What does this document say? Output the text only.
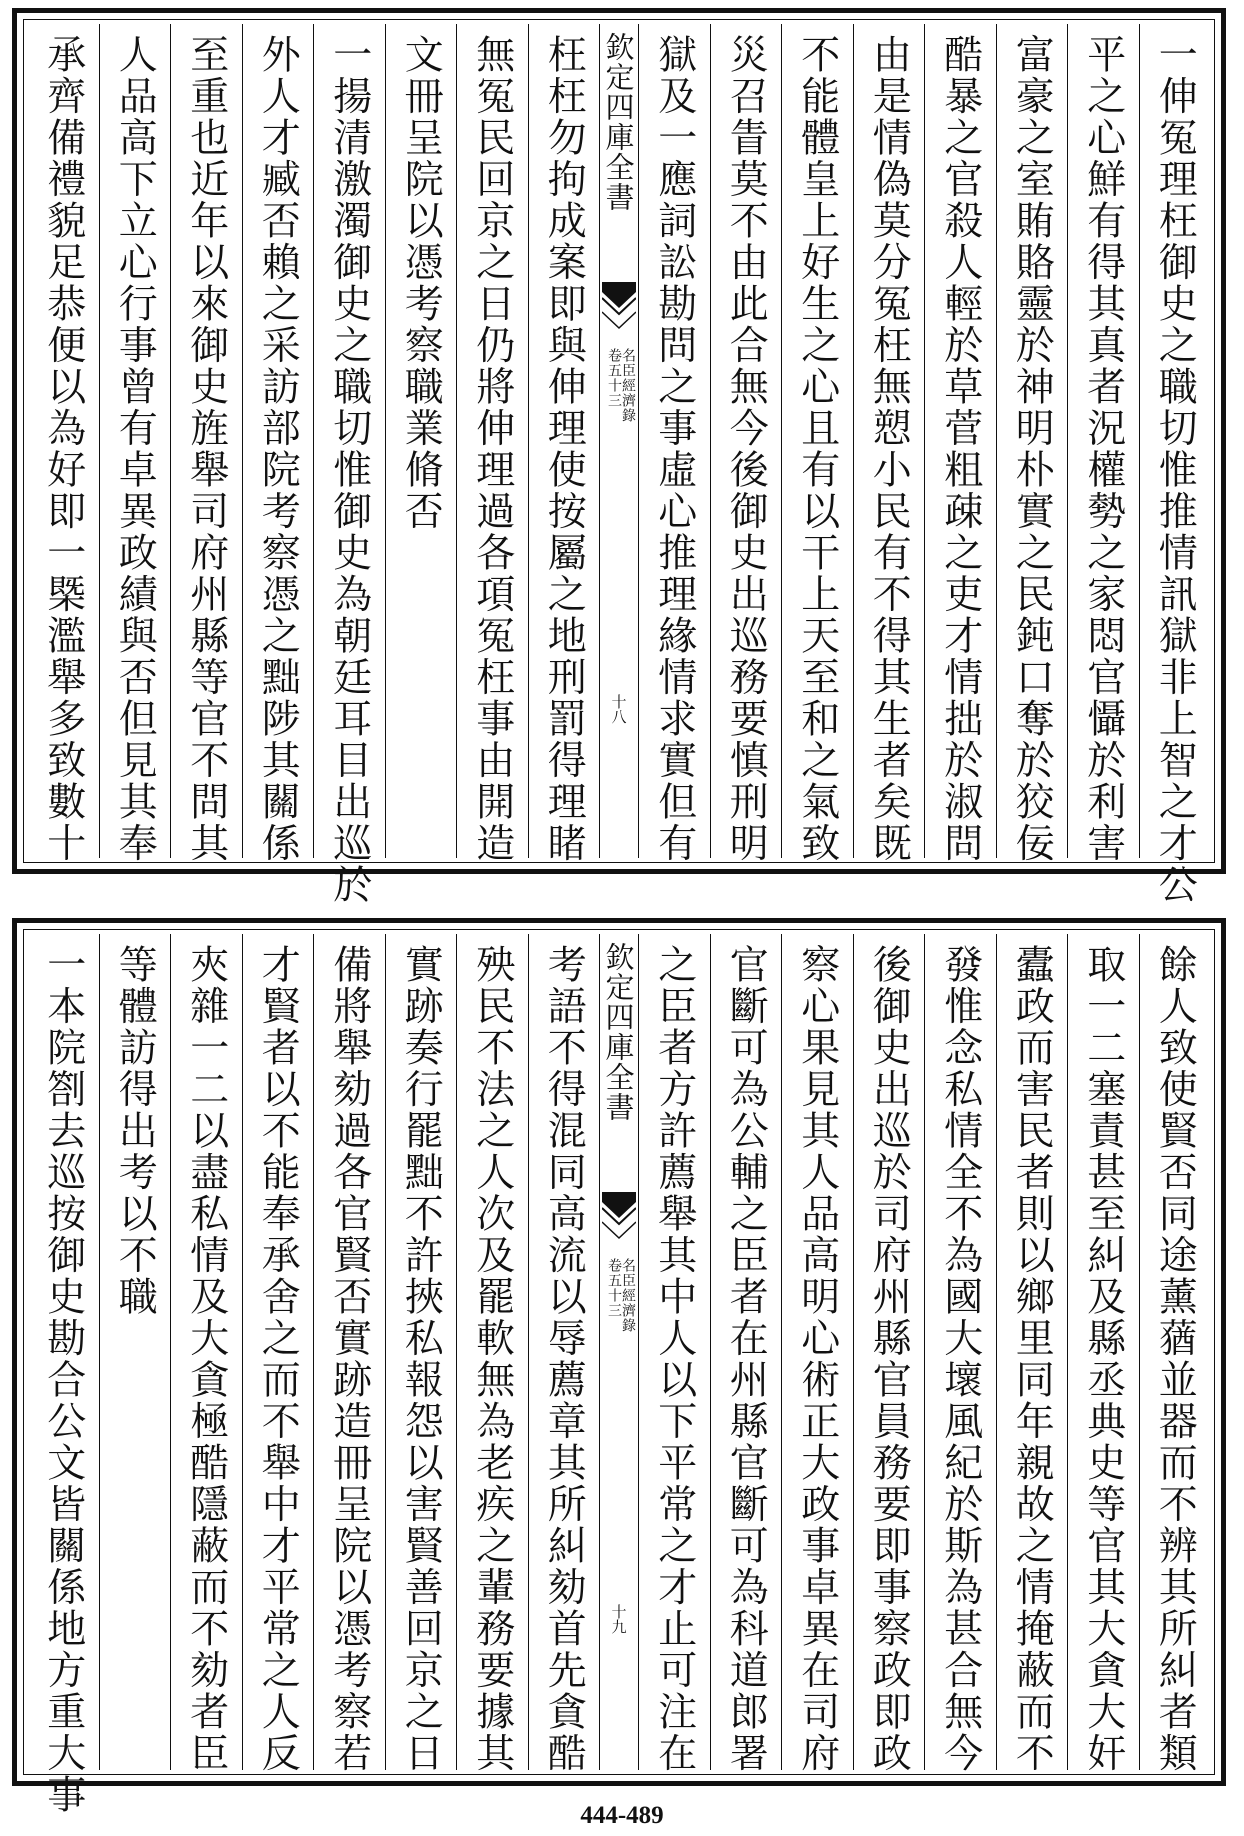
一伸冤理枉御史之職切惟推情訊獄非上智之才公
平之心鮮有得其真者況權勢之家悶官懾於利害
富豪之室賄賂靈於神明朴實之民鈍口奪於狡佞
酷暴之官殺人輕於草菅粗疎之吏才情拙於淑問
由是情偽莫分冤枉無愬小民有不得其生者矣既
不能體皇上好生之心且有以干上天至和之氣致
災召眚莫不由此合無今後御史出巡務要慎刑明
獄及一應詞訟勘問之事虛心推理緣情求實但有
欽定四庫全書
名臣經濟錄
卷五十三
十八
枉枉勿拘成案即與伸理使按屬之地刑罰得理睹
無冤民回京之日仍將伸理過各項冤枉事由開造
文冊呈院以憑考察職業脩否
一揚清激濁御史之職切惟御史為朝廷耳目出巡於
外人才臧否賴之采訪部院考察憑之黜陟其關係
至重也近年以來御史旌舉司府州縣等官不問其
人品高下立心行事曾有卓異政績與否但見其奉
承齊備禮貌足恭便以為好即一槩濫舉多致數十
餘人致使賢否同途薰蕕並器而不辨其所糾者類
取一二塞責甚至糾及縣丞典史等官其大貪大奸
蠹政而害民者則以鄉里同年親故之情掩蔽而不
發惟念私情全不為國大壞風紀於斯為甚合無今
後御史出巡於司府州縣官員務要即事察政即政
察心果見其人品高明心術正大政事卓異在司府
官斷可為公輔之臣者在州縣官斷可為科道郎署
之臣者方許薦舉其中人以下平常之才止可注在
欽定四庫全書
名臣經濟錄
卷五十三
十九
考語不得混同高流以辱薦章其所糾劾首先貪酷
殃民不法之人次及罷軟無為老疾之輩務要據其
實跡奏行罷黜不許挾私報怨以害賢善回京之日
備將舉劾過各官賢否實跡造冊呈院以憑考察若
才賢者以不能奉承舍之而不舉中才平常之人反
夾雜一二以盡私情及大貪極酷隱蔽而不劾者臣
等體訪得出考以不職
一本院劄去巡按御史勘合公文皆關係地方重大事	444-489
